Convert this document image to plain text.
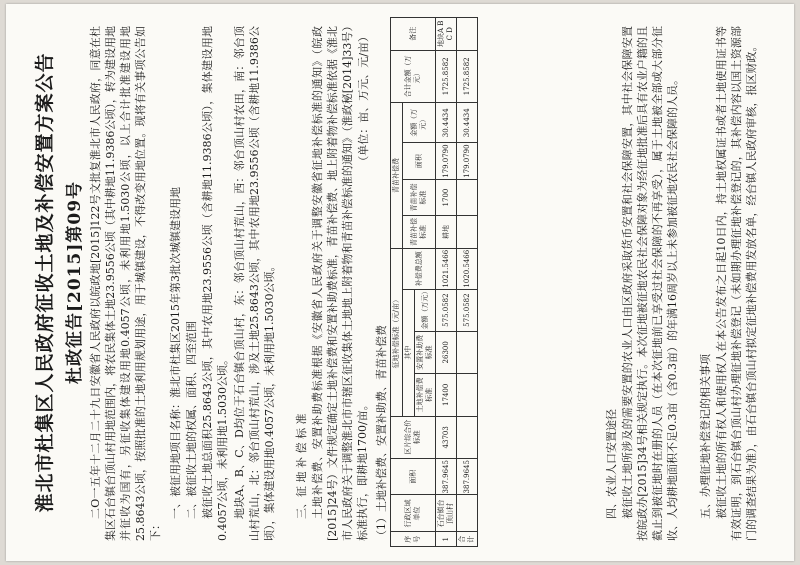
淮北市杜集区人民政府征收土地及补偿安置方案公告 杜政征告[2015]第09号 二O一五年十二月二十九日安徽省人民政府以皖政地[2015]122号文批复淮北市人民政府，同意在杜集区石台镇台顶山村用地范围内，将农民集体土地23.9556公顷（其中耕地11.9386公顷），转为建设用地并征收为国有，另征收集体建设用地0.4057公顷，未利用地1.5030公顷，以上合计批准建设用地25.8643公顷，按照批准的土地利用规划用途，用于城镇建设，不得改变用地位置。现将有关事项公告如下：

一、被征用地项目名称：淮北市杜集区2015年第3批次城镇建设用地 二、被征收土地的权属、面积、四至范围 被征收土地总面积25.8643公顷，其中农用地23.9556公顷（含耕地11.9386公顷），集体建设用地0.4057公顷，未利用地1.5030公顷。 地块A、B、C、D均位于石台镇台顶山村，东：邻台顶山村荒山，西：邻台顶山村农田，南：邻台顶山村荒山，北：邻台顶山村荒山，涉及土地25.8643公顷，其中农用地23.9556公顷（含耕地11.9386公顷），集体建设用地0.4057公顷，未利用地1.5030公顷。 三、征 地 补 偿 标 准 土地补偿费、安置补助费标准根据《安徽省人民政府关于调整安徽省征地补偿标准的通知》（皖政[2015]24号）文件规定确定土地补偿费和安置补助费标准，青苗补偿费、地上附着物补偿标准依据《淮北市人民政府关于调整淮北市市辖区征收集体土地地上附着物和青苗补偿标准的通知》（淮政秘[2014]33号）标准执行，即耕地1700/亩。 （1）土地补偿费、安置补助费、青苗补偿费

（单位：亩、万元、元/亩）

序号	行政区域单位	面积	区片综合价标准	征地补偿标准（元/亩）				青苗补偿费				合计金额（万元）	备注
				其中			补偿费总额	青苗补偿标准	青苗补偿标准	面积	金额（万元）		
				土地补偿费标准	安置补助费标准	金额（万元）							
1	石台镇台顶山村	387.9645	43703	17400	26300	575.0582	1021.5466	耕地	1700	179.0790	30.4434	1725.8582	地块A B C D
合计		387.9645				575.0582	1020.5466			179.0790	30.4434	1725.8582	

四、农业人口安置途径 被征收土地所涉及的需要安置的农业人口由区政府采取货币安置和社会保障安置，其中社会保障安置按皖政办[2015]34号相关规定执行。本次征地被征地农民社会保障对象为经征地批准后具有农业户籍的且截止到被征地时在册的人员（在本次征地前已享受过社会保障的不再享受），属于土地被全部或大部分征收、人均耕地面积不足0.3亩（含0.3亩）的年满16周岁以上未参加被征地农民社会保障的人员。 五、办理征地补偿登记的相关事项 被征收土地的所有权人和使用权人在本公告发布之日起10日内，持土地权属证书或者土地使用证书等有效证明，到石台镇台顶山村办理征地补偿登记（未如期办理征地补偿登记的，其补偿内容以国土资源部门的调查结果为准），由石台镇台顶山村拟定征地补偿费用发放名单，经台镇人民政府审核，报区财政。
